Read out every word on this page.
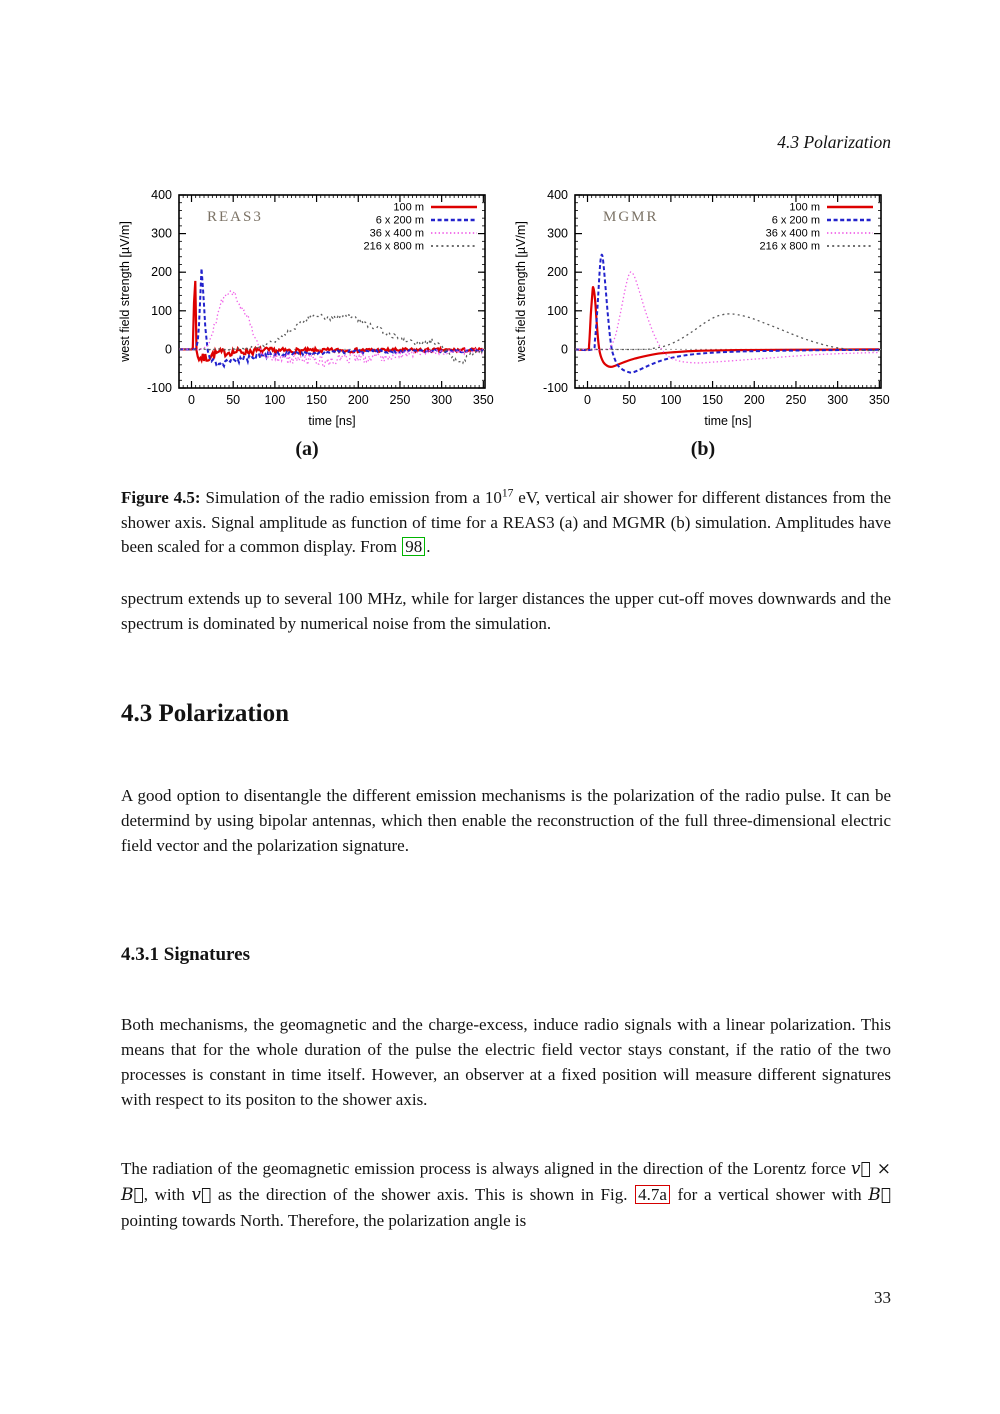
4.3 Polarization
0	50 100 150 200 250 300 350
-100
0
100
200
300
400
time [ns]
west field strength [µV/m]
REAS3
100 m
6 x 200 m
36 x 400 m
216 x 800 m
(a)
0	50 100 150 200 250 300 350
-100
0
100
200
300
400
time [ns]
west field strength [µV/m]
MGMR
100 m
6 x 200 m
36 x 400 m
216 x 800 m
(b)

Figure 4.5: Simulation of the radio emission from a $10^{17}$ eV, vertical air shower for different distances from the shower axis. Signal amplitude as function of time for a REAS3 (a) and MGMR (b) simulation. Amplitudes have been scaled for a common display. From 98 .

spectrum extends up to several 100 MHz, while for larger distances the upper cut-off moves downwards and the spectrum is dominated by numerical noise from the simulation.

4.3 Polarization

A good option to disentangle the different emission mechanisms is the polarization of the radio pulse. It can be determind by using bipolar antennas, which then enable the reconstruction of the full three-dimensional electric field vector and the polarization signature.

4.3.1 Signatures

Both mechanisms, the geomagnetic and the charge-excess, induce radio signals with a linear polarization. This means that for the whole duration of the pulse the electric field vector stays constant, if the ratio of the two processes is constant in time itself. However, an observer at a fixed position will measure different signatures with respect to its positon to the shower axis.

The radiation of the geomagnetic emission process is always aligned in the direction of the Lorentz force v⃗ × B⃗, with v⃗ as the direction of the shower axis. This is shown in Fig. 4.7a for a vertical shower with B⃗ pointing towards North. Therefore, the polarization angle is

33
